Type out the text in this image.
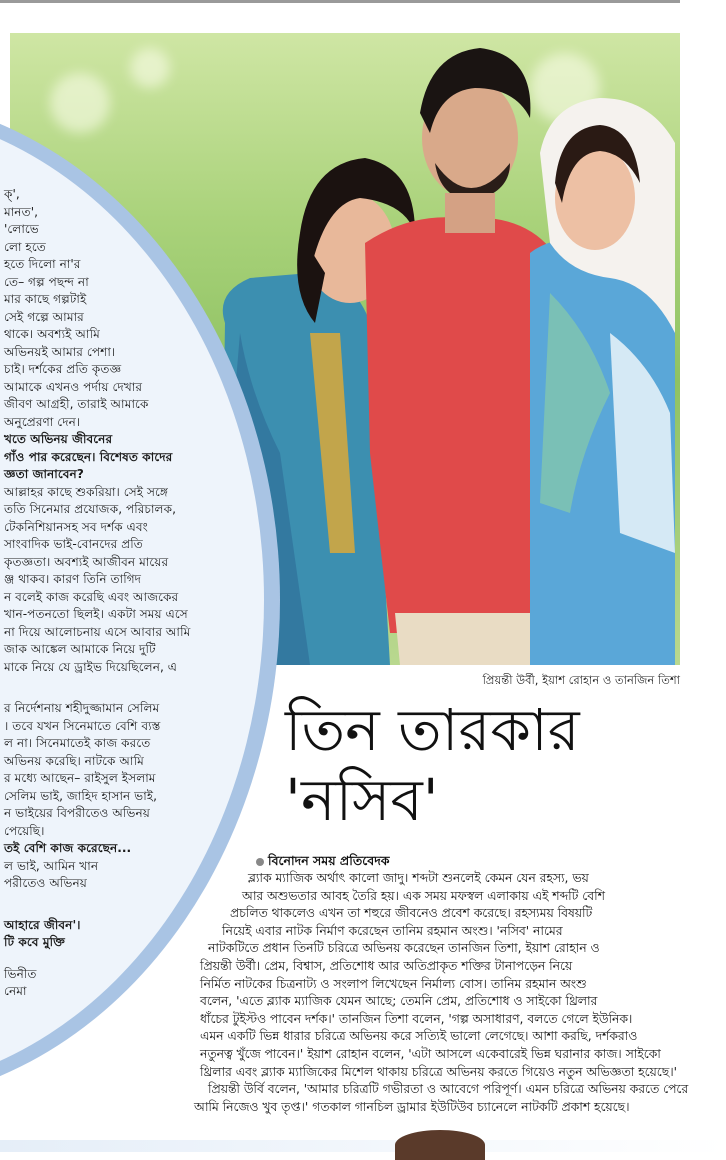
প্রিয়ন্তী উর্বী, ইয়াশ রোহান ও তানজিন তিশা

ক্',

মানত',

'লোভে

লো হতে

হতে দিলো না'র

তে– গল্প পছন্দ না

মার কাছে গল্পটাই

সেই গল্পে আমার

থাকে। অবশ্যই আমি

অভিনয়ই আমার পেশা।

চাই। দর্শকের প্রতি কৃতজ্ঞ

আমাকে এখনও পর্দায় দেখার

জীবণ আগ্রহী, তারাই আমাকে

অনুপ্রেরণা দেন।

খতে অভিনয় জীবনের

গাঁও পার করেছেন। বিশেষত কাদের

জ্ঞতা জানাবেন?

আল্লাহর কাছে শুকরিয়া। সেই সঙ্গে

ততি সিনেমার প্রযোজক, পরিচালক,

টেকনিশিয়ানসহ সব দর্শক এবং

সাংবাদিক ভাই-বোনদের প্রতি

কৃতজ্ঞতা। অবশ্যই আজীবন মায়ের

ঞ্জ থাকব। কারণ তিনি তাগিদ

ন বলেই কাজ করেছি এবং আজকের

খান-পতনতো ছিলই। একটা সময় এসে

না দিয়ে আলোচনায় এসে আবার আমি

জাক আঙ্কেল আমাকে নিয়ে দুটি

মাকে নিয়ে যে ড্রাইভ দিয়েছিলেন, এ

র নির্দেশনায় শহীদুজ্জামান সেলিম

। তবে যখন সিনেমাতে বেশি ব্যস্ত

ল না। সিনেমাতেই কাজ করতে

অভিনয় করেছি। নাটকে আমি

র মধ্যে আছেন– রাইসুল ইসলাম

সেলিম ভাই, জাহিদ হাসান ভাই,

ন ভাইয়ের বিপরীতেও অভিনয়

পেয়েছি।

তই বেশি কাজ করেছেন...

ল ভাই, আমিন খান

পরীতেও অভিনয়

আহারে জীবন'।

টি কবে মুক্তি

ভিনীত

নেমা

তিন তারকার
'নসিব'
বিনোদন সময় প্রতিবেদক

ব্ল্যাক ম্যাজিক অর্থাৎ কালো জাদু। শব্দটা শুনলেই কেমন যেন রহস্য, ভয়

আর অশুভতার আবহ তৈরি হয়। এক সময় মফস্বল এলাকায় এই শব্দটি বেশি

প্রচলিত থাকলেও এখন তা শহুরে জীবনেও প্রবেশ করেছে। রহস্যময় বিষয়টি

নিয়েই এবার নাটক নির্মাণ করেছেন তানিম রহমান অংশু। 'নসিব' নামের

নাটকটিতে প্রধান তিনটি চরিত্রে অভিনয় করেছেন তানজিন তিশা, ইয়াশ রোহান ও

প্রিয়ন্তী উর্বী। প্রেম, বিশ্বাস, প্রতিশোধ আর অতিপ্রাকৃত শক্তির টানাপড়েন নিয়ে

নির্মিত নাটকের চিত্রনাট্য ও সংলাপ লিখেছেন নির্মাল্য বোস। তানিম রহমান অংশু

বলেন, 'এতে ব্ল্যাক ম্যাজিক যেমন আছে; তেমনি প্রেম, প্রতিশোধ ও সাইকো থ্রিলার

ধাঁচের টুইস্টও পাবেন দর্শক।' তানজিন তিশা বলেন, 'গল্প অসাধারণ, বলতে গেলে ইউনিক।

এমন একটি ভিন্ন ধারার চরিত্রে অভিনয় করে সত্যিই ভালো লেগেছে। আশা করছি, দর্শকরাও

নতুনত্ব খুঁজে পাবেন।' ইয়াশ রোহান বলেন, 'এটা আসলে একেবারেই ভিন্ন ঘরানার কাজ। সাইকো

থ্রিলার এবং ব্ল্যাক ম্যাজিকের মিশেল থাকায় চরিত্রে অভিনয় করতে গিয়েও নতুন অভিজ্ঞতা হয়েছে।'

প্রিয়ন্তী উর্বি বলেন, 'আমার চরিত্রটি গভীরতা ও আবেগে পরিপূর্ণ। এমন চরিত্রে অভিনয় করতে পেরে

আমি নিজেও খুব তৃপ্ত।' গতকাল গানচিল ড্রামার ইউটিউব চ্যানেলে নাটকটি প্রকাশ হয়েছে।
